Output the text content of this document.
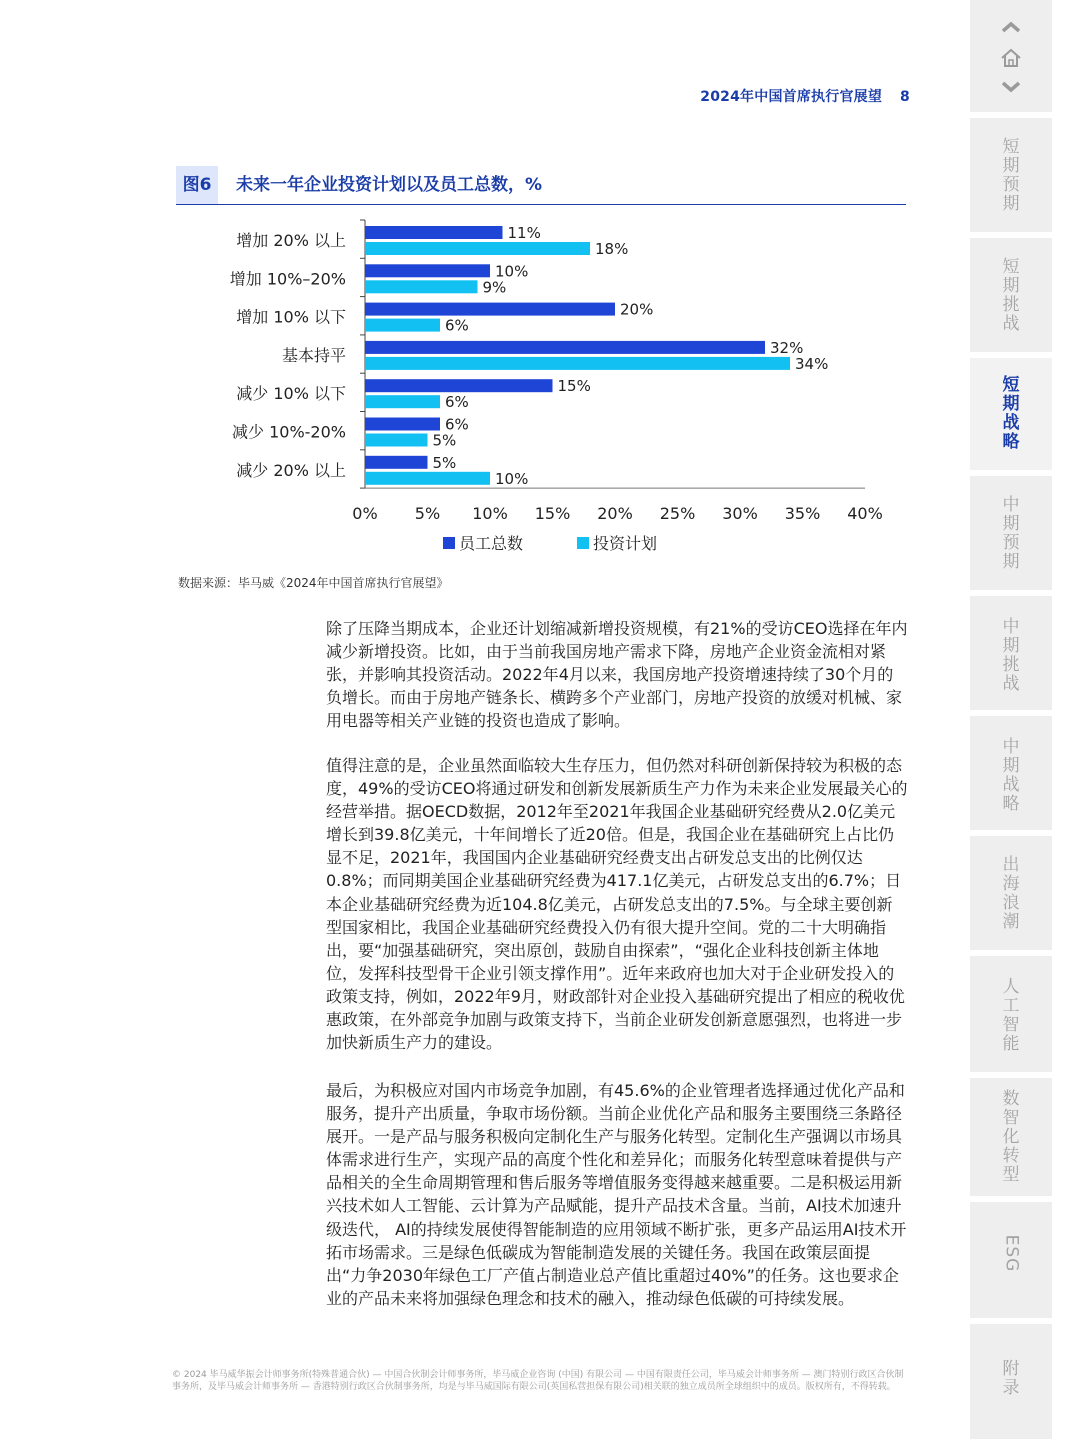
2024年中国首席执行官展望 8
图6	未来一年企业投资计划以及员工总数，%
增加 20% 以上	11%
18%
增加 10%–20%	10%
9%
增加 10% 以下	20%
6%
基本持平	32%
34%
减少 10% 以下	15%
6%
减少 10%-20%	6%
5%
减少 20% 以上	5%
10%
0% 5% 10% 15% 20% 25% 30% 35% 40%
员工总数	投资计划
数据来源：毕马威《2024年中国首席执行官展望》
除了压降当期成本，企业还计划缩减新增投资规模，有21%的受访CEO选择在年内减少新增投资。比如，由于当前我国房地产需求下降，房地产企业资金流相对紧张，并影响其投资活动。2022年4月以来，我国房地产投资增速持续了30个月的负增长。而由于房地产链条长、横跨多个产业部门，房地产投资的放缓对机械、家用电器等相关产业链的投资也造成了影响。
值得注意的是，企业虽然面临较大生存压力，但仍然对科研创新保持较为积极的态度，49%的受访CEO将通过研发和创新发展新质生产力作为未来企业发展最关心的经营举措。据OECD数据，2012年至2021年我国企业基础研究经费从2.0亿美元增长到39.8亿美元，十年间增长了近20倍。但是，我国企业在基础研究上占比仍显不足，2021年，我国国内企业基础研究经费支出占研发总支出的比例仅达0.8%；而同期美国企业基础研究经费为417.1亿美元，占研发总支出的6.7%；日本企业基础研究经费为近104.8亿美元，占研发总支出的7.5%。与全球主要创新型国家相比，我国企业基础研究经费投入仍有很大提升空间。党的二十大明确指出，要“加强基础研究，突出原创，鼓励自由探索”，“强化企业科技创新主体地位，发挥科技型骨干企业引领支撑作用”。近年来政府也加大对于企业研发投入的政策支持，例如，2022年9月，财政部针对企业投入基础研究提出了相应的税收优惠政策，在外部竞争加剧与政策支持下，当前企业研发创新意愿强烈，也将进一步加快新质生产力的建设。
最后，为积极应对国内市场竞争加剧，有45.6%的企业管理者选择通过优化产品和服务，提升产出质量，争取市场份额。当前企业优化产品和服务主要围绕三条路径展开。一是产品与服务积极向定制化生产与服务化转型。定制化生产强调以市场具体需求进行生产，实现产品的高度个性化和差异化；而服务化转型意味着提供与产品相关的全生命周期管理和售后服务等增值服务变得越来越重要。二是积极运用新兴技术如人工智能、云计算为产品赋能，提升产品技术含量。当前，AI技术加速升级迭代， AI的持续发展使得智能制造的应用领域不断扩张，更多产品运用AI技术开拓市场需求。三是绿色低碳成为智能制造发展的关键任务。我国在政策层面提出“力争2030年绿色工厂产值占制造业总产值比重超过40%”的任务。这也要求企业的产品未来将加强绿色理念和技术的融入，推动绿色低碳的可持续发展。
© 2024 毕马威华振会计师事务所(特殊普通合伙) — 中国合伙制会计师事务所，毕马威企业咨询 (中国) 有限公司 — 中国有限责任公司，毕马威会计师事务所 — 澳门特别行政区合伙制事务所，及毕马威会计师事务所 — 香港特别行政区合伙制事务所，均是与毕马威国际有限公司(英国私营担保有限公司)相关联的独立成员所全球组织中的成员。版权所有，不得转载。
短
期
预
期
短
期
挑
战
短
期
战
略
中
期
预
期
中
期
挑
战
中
期
战
略
出
海
浪
潮
人
工
智
能
数
智
化
转
型
ESG
附
录
